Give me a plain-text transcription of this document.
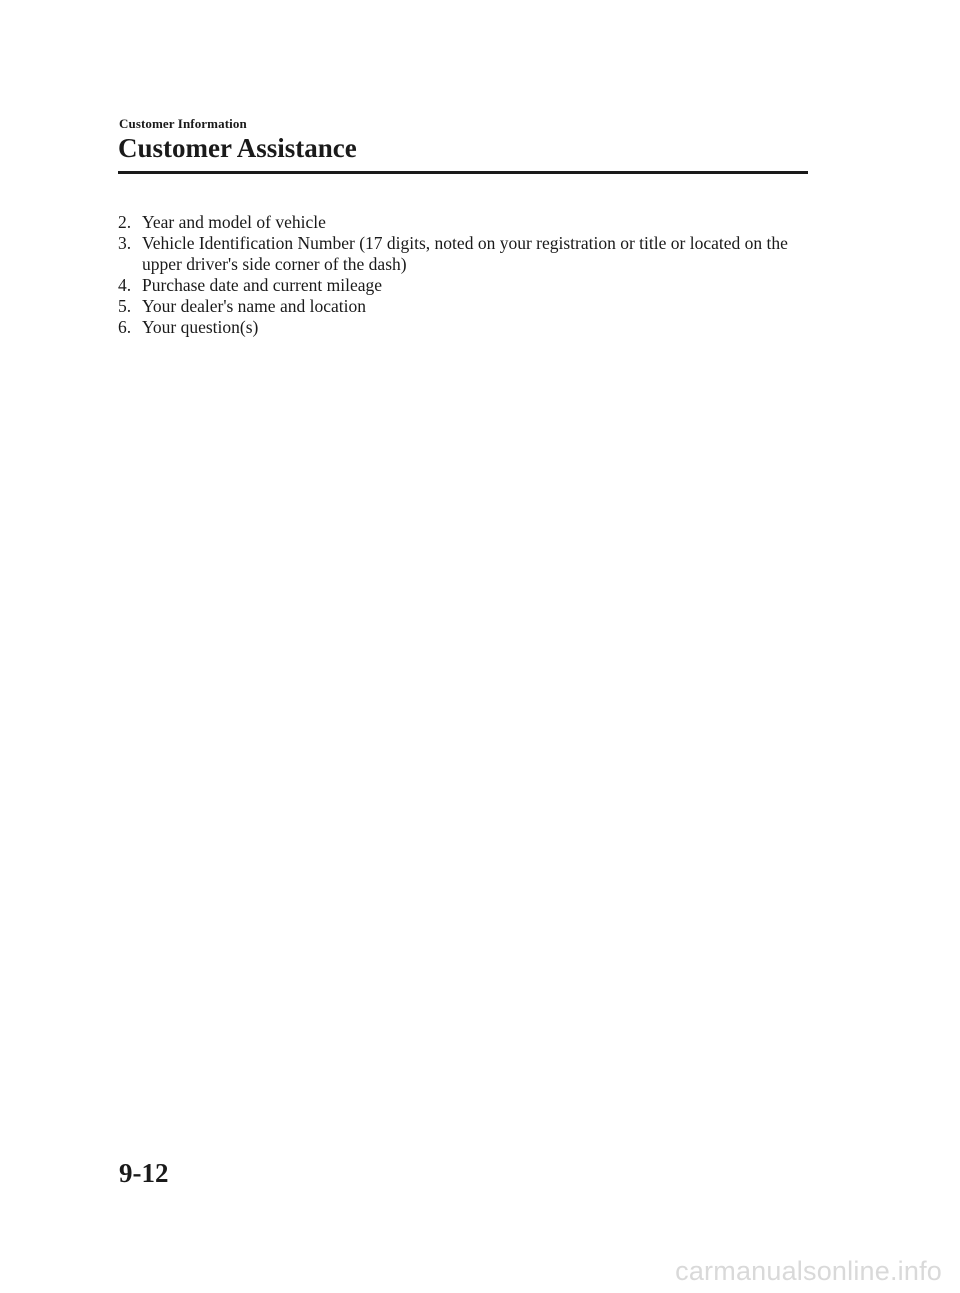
Customer Information
Customer Assistance
2. Year and model of vehicle
3. Vehicle Identification Number (17 digits, noted on your registration or title or located on the upper driver's side corner of the dash)
4. Purchase date and current mileage
5. Your dealer's name and location
6. Your question(s)
9-12
carmanualsonline.info
